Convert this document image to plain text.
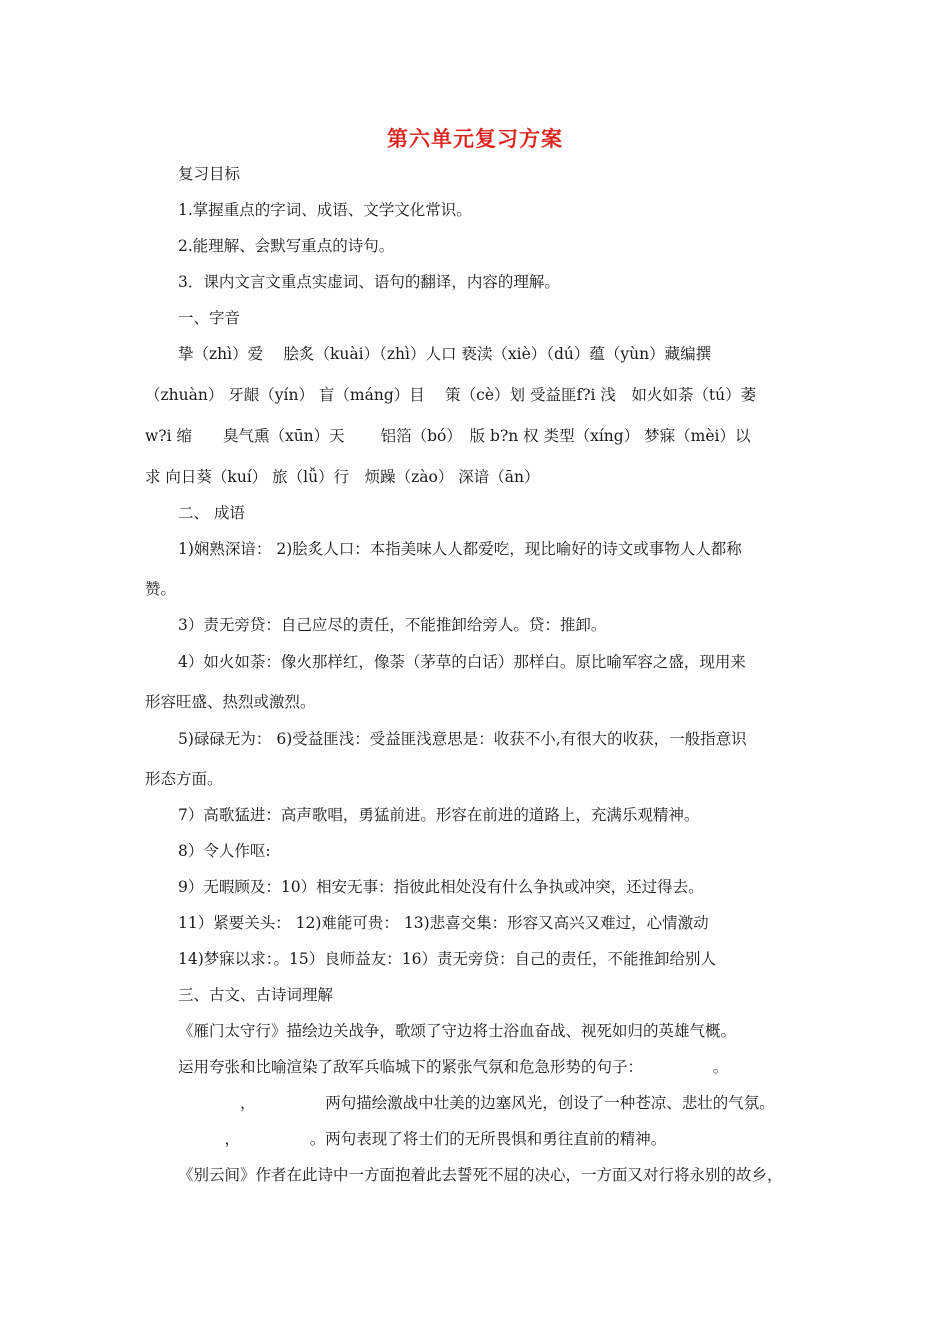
第六单元复习方案
复习目标
1.掌握重点的字词、成语、文学文化常识。
2.能理解、会默写重点的诗句。
3．课内文言文重点实虚词、语句的翻译，内容的理解。
一、字音
挚（zhì）爱　 脍炙（kuài）（zhì）人口 亵渎（xiè）（dú）蕴（yùn）藏编撰
（zhuàn） 牙龈（yín） 盲（máng）目　 策（cè）划 受益匪f?i 浅　如火如荼（tú）萎
w?i 缩　　臭气熏（xūn）天　　 铝箔（bó）　版 b?n 权 类型（xíng） 梦寐（mèi）以
求 向日葵（kuí） 旅（lǚ）行　烦躁（zào） 深谙（ān）
二、 成语
1)娴熟深谙： 2)脍炙人口：本指美味人人都爱吃，现比喻好的诗文或事物人人都称
赞。
3）责无旁贷：自己应尽的责任，不能推卸给旁人。贷：推卸。
4）如火如荼：像火那样红，像荼（茅草的白话）那样白。原比喻军容之盛，现用来
形容旺盛、热烈或激烈。
5)碌碌无为： 6)受益匪浅：受益匪浅意思是：收获不小,有很大的收获，一般指意识
形态方面。
7）高歌猛进：高声歌唱，勇猛前进。形容在前进的道路上，充满乐观精神。
8）令人作呕:
9）无暇顾及：10）相安无事：指彼此相处没有什么争执或冲突，还过得去。
11）紧要关头： 12)难能可贵： 13)悲喜交集：形容又高兴又难过，心情激动
14)梦寐以求：。15）良师益友：16）责无旁贷：自己的责任，不能推卸给别人
三、古文、古诗词理解
《雁门太守行》描绘边关战争，歌颂了守边将士浴血奋战、视死如归的英雄气概。
运用夸张和比喻渲染了敌军兵临城下的紧张气氛和危急形势的句子：　　　　　。
　　　　，　　　　　两句描绘激战中壮美的边塞风光，创设了一种苍凉、悲壮的气氛。
　　　，　　　　　。两句表现了将士们的无所畏惧和勇往直前的精神。
《别云间》作者在此诗中一方面抱着此去誓死不屈的决心，一方面又对行将永别的故乡，
